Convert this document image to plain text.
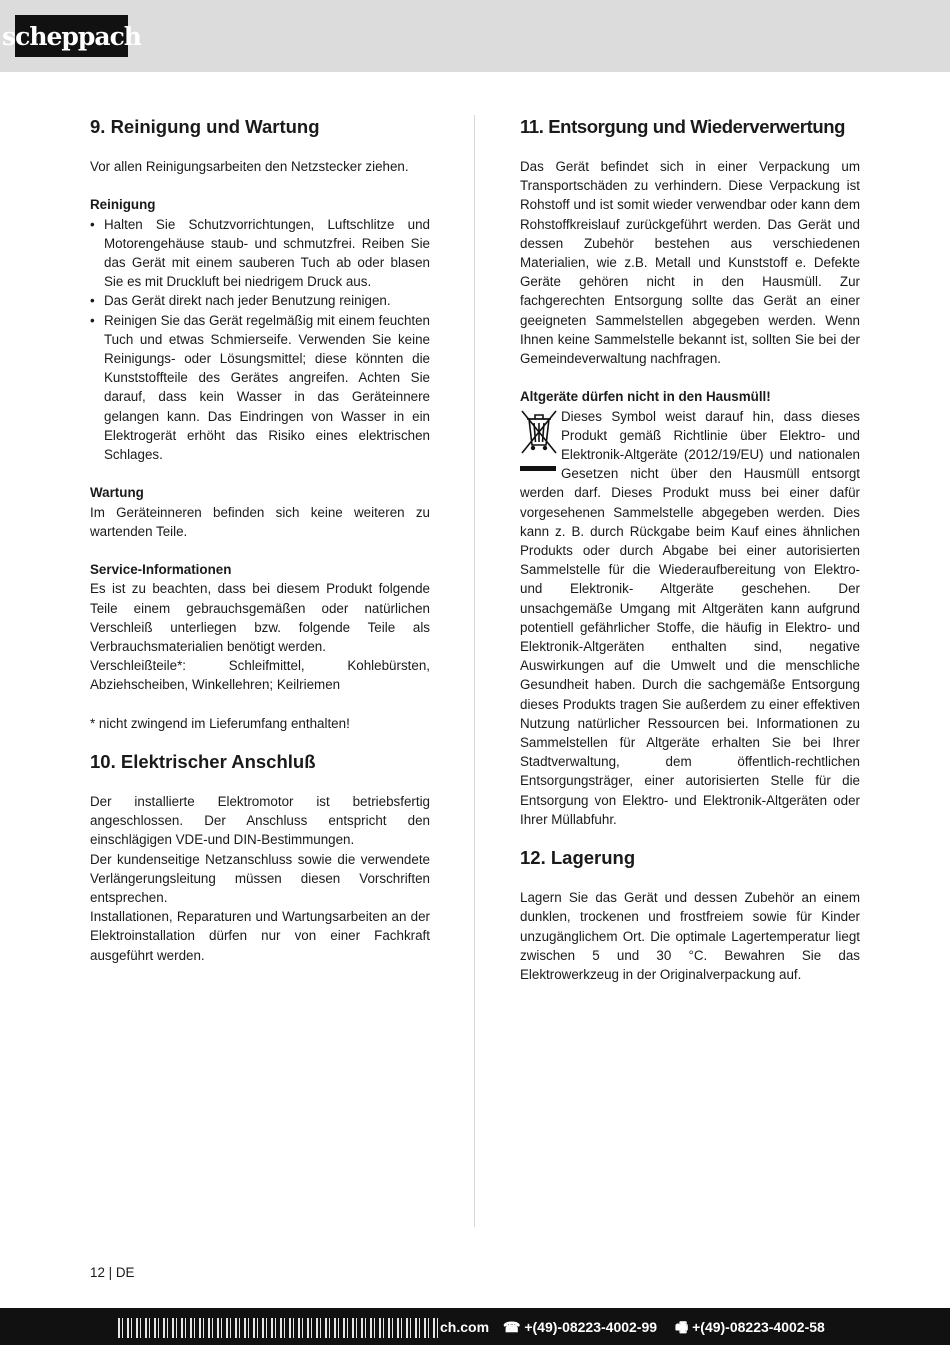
scheppach
9. Reinigung und Wartung

Vor allen Reinigungsarbeiten den Netzstecker ziehen.

Reinigung
• Halten Sie Schutzvorrichtungen, Luftschlitze und Motorengehäuse staub- und schmutzfrei. Reiben Sie das Gerät mit einem sauberen Tuch ab oder blasen Sie es mit Druckluft bei niedrigem Druck aus.
• Das Gerät direkt nach jeder Benutzung reinigen.
• Reinigen Sie das Gerät regelmäßig mit einem feuchten Tuch und etwas Schmierseife. Verwenden Sie keine Reinigungs- oder Lösungsmittel; diese könnten die Kunststoffteile des Gerätes angreifen. Achten Sie darauf, dass kein Wasser in das Geräteinnere gelangen kann. Das Eindringen von Wasser in ein Elektrogerät erhöht das Risiko eines elektrischen Schlages.
Wartung

Im Geräteinneren befinden sich keine weiteren zu wartenden Teile.

Service-Informationen

Es ist zu beachten, dass bei diesem Produkt folgende Teile einem gebrauchsgemäßen oder natürlichen Verschleiß unterliegen bzw. folgende Teile als Verbrauchsmaterialien benötigt werden.

Verschleißteile*: Schleifmittel, Kohlebürsten, Abziehscheiben, Winkellehren; Keilriemen

* nicht zwingend im Lieferumfang enthalten!

10. Elektrischer Anschluß

Der installierte Elektromotor ist betriebsfertig angeschlossen. Der Anschluss entspricht den einschlägigen VDE-und DIN-Bestimmungen.

Der kundenseitige Netzanschluss sowie die verwendete Verlängerungsleitung müssen diesen Vorschriften entsprechen.

Installationen, Reparaturen und Wartungsarbeiten an der Elektroinstallation dürfen nur von einer Fachkraft ausgeführt werden.

11. Entsorgung und Wiederverwertung

Das Gerät befindet sich in einer Verpackung um Transportschäden zu verhindern. Diese Verpackung ist Rohstoff und ist somit wieder verwendbar oder kann dem Rohstoffkreislauf zurückgeführt werden. Das Gerät und dessen Zubehör bestehen aus verschiedenen Materialien, wie z.B. Metall und Kunststoff e. Defekte Geräte gehören nicht in den Hausmüll. Zur fachgerechten Entsorgung sollte das Gerät an einer geeigneten Sammelstellen abgegeben werden. Wenn Ihnen keine Sammelstelle bekannt ist, sollten Sie bei der Gemeindeverwaltung nachfragen.

Altgeräte dürfen nicht in den Hausmüll!

Dieses Symbol weist darauf hin, dass dieses Produkt gemäß Richtlinie über Elektro- und Elektronik-Altgeräte (2012/19/EU) und nationalen Gesetzen nicht über den Hausmüll entsorgt werden darf. Dieses Produkt muss bei einer dafür vorgesehenen Sammelstelle abgegeben werden. Dies kann z. B. durch Rückgabe beim Kauf eines ähnlichen Produkts oder durch Abgabe bei einer autorisierten Sammelstelle für die Wiederaufbereitung von Elektro- und Elektronik- Altgeräte geschehen. Der unsachgemäße Umgang mit Altgeräten kann aufgrund potentiell gefährlicher Stoffe, die häufig in Elektro- und Elektronik-Altgeräten enthalten sind, negative Auswirkungen auf die Umwelt und die menschliche Gesundheit haben. Durch die sachgemäße Entsorgung dieses Produkts tragen Sie außerdem zu einer effektiven Nutzung natürlicher Ressourcen bei. Informationen zu Sammelstellen für Altgeräte erhalten Sie bei Ihrer Stadtverwaltung, dem öffentlich-rechtlichen Entsorgungsträger, einer autorisierten Stelle für die Entsorgung von Elektro- und Elektronik-Altgeräten oder Ihrer Müllabfuhr.

12. Lagerung

Lagern Sie das Gerät und dessen Zubehör an einem dunklen, trockenen und frostfreiem sowie für Kinder unzugänglichem Ort. Die optimale Lagertemperatur liegt zwischen 5 und 30 °C. Bewahren Sie das Elektrowerkzeug in der Originalverpackung auf.

12 | DE
ch.com ☎ +(49)-08223-4002-99 🖷 +(49)-08223-4002-58
